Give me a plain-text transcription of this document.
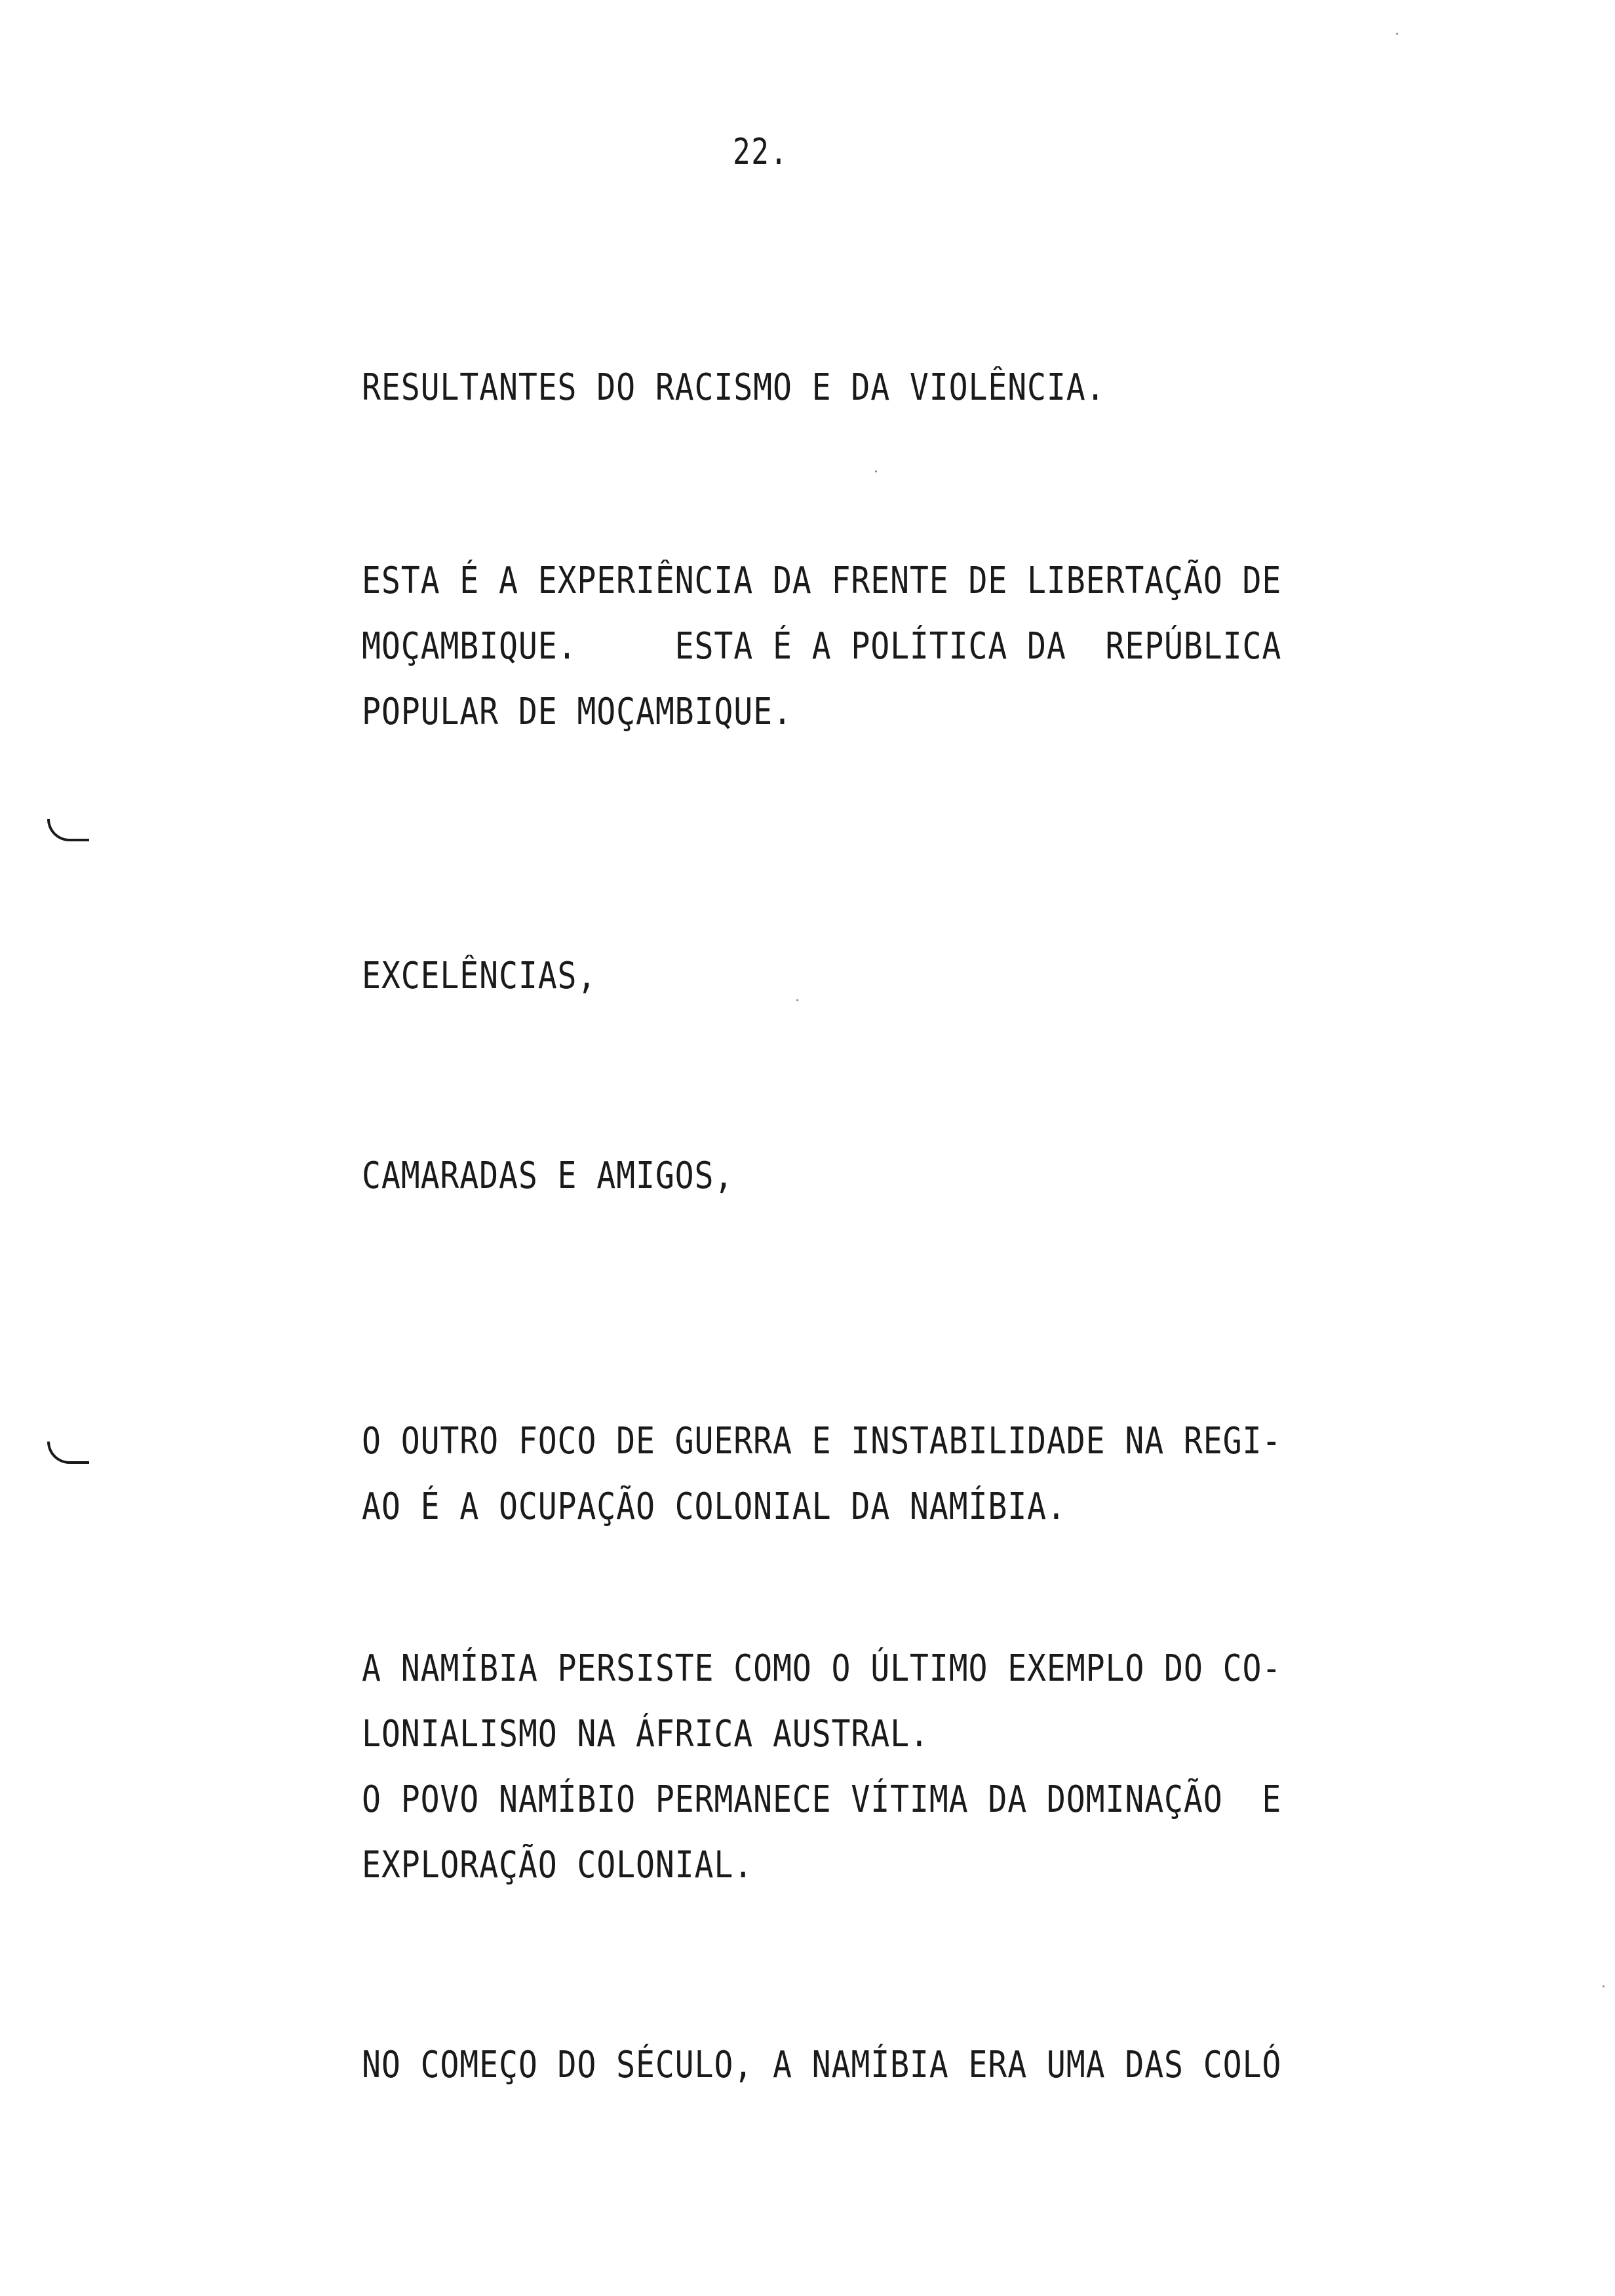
22.
RESULTANTES DO RACISMO E DA VIOLÊNCIA.
ESTA É A EXPERIÊNCIA DA FRENTE DE LIBERTAÇÃO DE
MOÇAMBIQUE.     ESTA É A POLÍTICA DA  REPÚBLICA
POPULAR DE MOÇAMBIQUE.
EXCELÊNCIAS,
CAMARADAS E AMIGOS,
O OUTRO FOCO DE GUERRA E INSTABILIDADE NA REGI-
AO É A OCUPAÇÃO COLONIAL DA NAMÍBIA.
A NAMÍBIA PERSISTE COMO O ÚLTIMO EXEMPLO DO CO-
LONIALISMO NA ÁFRICA AUSTRAL.
O POVO NAMÍBIO PERMANECE VÍTIMA DA DOMINAÇÃO  E
EXPLORAÇÃO COLONIAL.
NO COMEÇO DO SÉCULO, A NAMÍBIA ERA UMA DAS COLÓ
